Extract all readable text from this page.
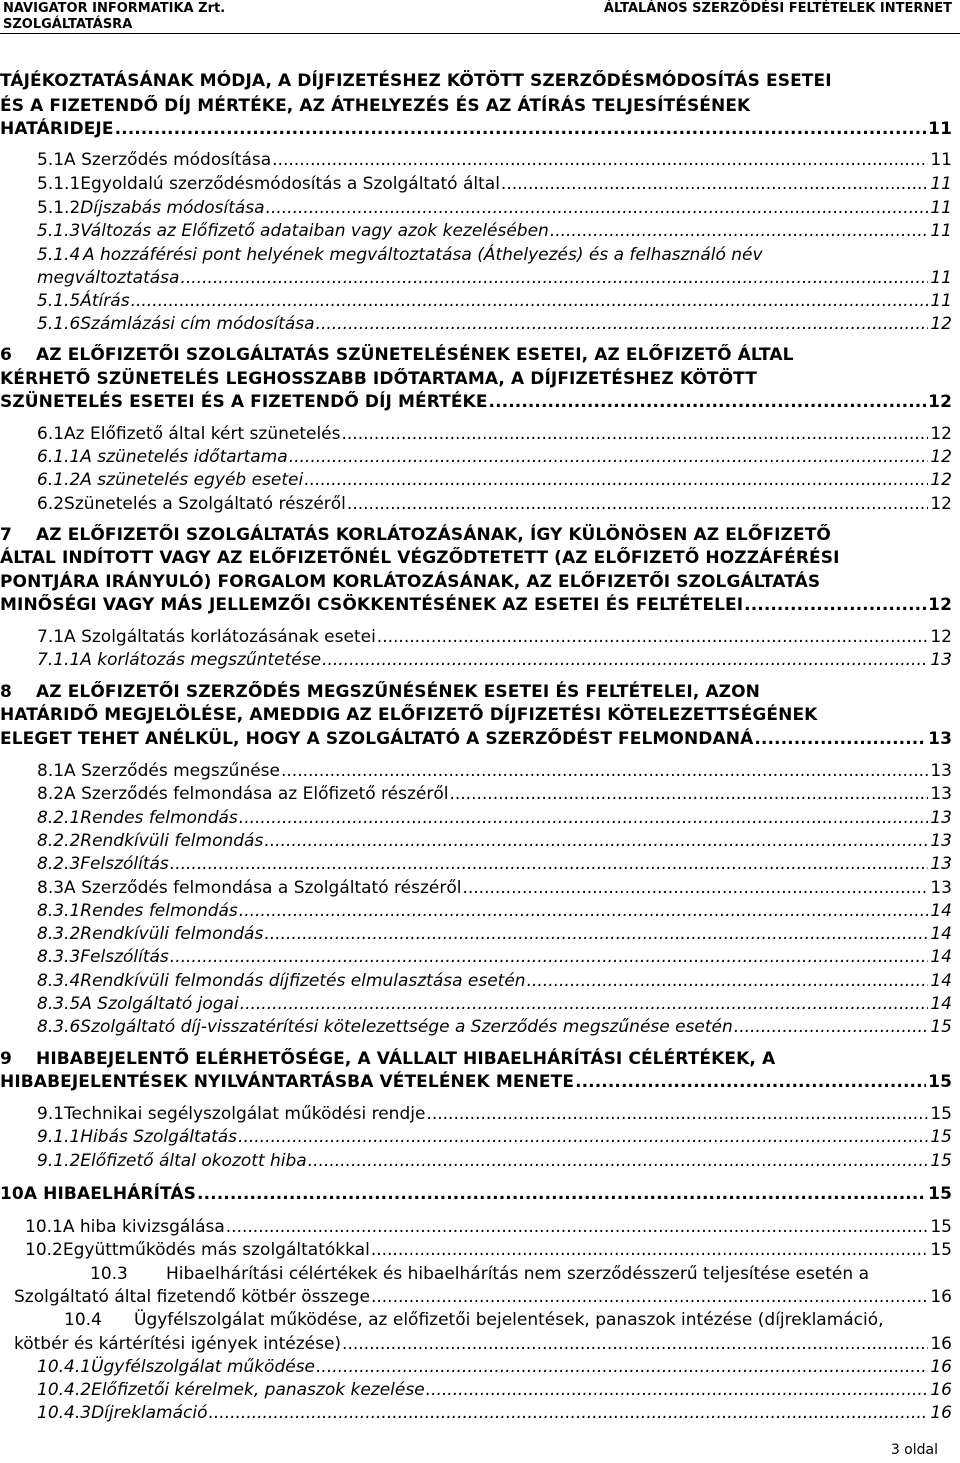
NAVIGATOR INFORMATIKA Zrt.
SZOLGÁLTATÁSRA
ÁLTALÁNOS SZERZŐDÉSI FELTÉTELEK INTERNET
TÁJÉKOZTATÁSÁNAK MÓDJA, A DÍJFIZETÉSHEZ KÖTÖTT SZERZŐDÉSMÓDOSÍTÁS ESETEI
ÉS A FIZETENDŐ DÍJ MÉRTÉKE, AZ ÁTHELYEZÉS ÉS AZ ÁTÍRÁS TELJESÍTÉSÉNEK
HATÁRIDEJE .....	11
5.1 A Szerződés módosítása .....	11
5.1.1 Egyoldalú szerződésmódosítás a Szolgáltató által .....	11
5.1.2 Díjszabás módosítása .....	11
5.1.3 Változás az Előfizető adataiban vagy azok kezelésében .....	11
5.1.4 A hozzáférési pont helyének megváltoztatása (Áthelyezés) és a felhasználó név
megváltoztatása .....	11
5.1.5 Átírás .....	11
5.1.6 Számlázási cím módosítása .....	12
6 AZ ELŐFIZETŐI SZOLGÁLTATÁS SZÜNETELÉSÉNEK ESETEI, AZ ELŐFIZETŐ ÁLTAL
KÉRHETŐ SZÜNETELÉS LEGHOSSZABB IDŐTARTAMA, A DÍJFIZETÉSHEZ KÖTÖTT
SZÜNETELÉS ESETEI ÉS A FIZETENDŐ DÍJ MÉRTÉKE .....	12
6.1 Az Előfizető által kért szünetelés .....	12
6.1.1 A szünetelés időtartama .....	12
6.1.2 A szünetelés egyéb esetei .....	12
6.2 Szünetelés a Szolgáltató részéről .....	12
7 AZ ELŐFIZETŐI SZOLGÁLTATÁS KORLÁTOZÁSÁNAK, ÍGY KÜLÖNÖSEN AZ ELŐFIZETŐ
ÁLTAL INDÍTOTT VAGY AZ ELŐFIZETŐNÉL VÉGZŐDTETETT (AZ ELŐFIZETŐ HOZZÁFÉRÉSI
PONTJÁRA IRÁNYULÓ) FORGALOM KORLÁTOZÁSÁNAK, AZ ELŐFIZETŐI SZOLGÁLTATÁS
MINŐSÉGI VAGY MÁS JELLEMZŐI CSÖKKENTÉSÉNEK AZ ESETEI ÉS FELTÉTELEI .....	12
7.1 A Szolgáltatás korlátozásának esetei .....	12
7.1.1 A korlátozás megszűntetése .....	13
8 AZ ELŐFIZETŐI SZERZŐDÉS MEGSZŰNÉSÉNEK ESETEI ÉS FELTÉTELEI, AZON
HATÁRIDŐ MEGJELÖLÉSE, AMEDDIG AZ ELŐFIZETŐ DÍJFIZETÉSI KÖTELEZETTSÉGÉNEK
ELEGET TEHET ANÉLKÜL, HOGY A SZOLGÁLTATÓ A SZERZŐDÉST FELMONDANÁ .....	13
8.1 A Szerződés megszűnése .....	13
8.2 A Szerződés felmondása az Előfizető részéről .....	13
8.2.1 Rendes felmondás .....	13
8.2.2 Rendkívüli felmondás .....	13
8.2.3 Felszólítás .....	13
8.3 A Szerződés felmondása a Szolgáltató részéről .....	13
8.3.1 Rendes felmondás .....	14
8.3.2 Rendkívüli felmondás .....	14
8.3.3 Felszólítás .....	14
8.3.4 Rendkívüli felmondás díjfizetés elmulasztása esetén .....	14
8.3.5 A Szolgáltató jogai .....	14
8.3.6 Szolgáltató díj-visszatérítési kötelezettsége a Szerződés megszűnése esetén .....	15
9 HIBABEJELENTŐ ELÉRHETŐSÉGE, A VÁLLALT HIBAELHÁRÍTÁSI CÉLÉRTÉKEK, A
HIBABEJELENTÉSEK NYILVÁNTARTÁSBA VÉTELÉNEK MENETE .....	15
9.1 Technikai segélyszolgálat működési rendje .....	15
9.1.1 Hibás Szolgáltatás .....	15
9.1.2 Előfizető által okozott hiba .....	15
10 A HIBAELHÁRÍTÁS .....	15
10.1 A hiba kivizsgálása .....	15
10.2 Együttműködés más szolgáltatókkal .....	15
10.3 Hibaelhárítási célértékek és hibaelhárítás nem szerződésszerű teljesítése esetén a
Szolgáltató által fizetendő kötbér összege .....	16
10.4 Ügyfélszolgálat működése, az előfizetői bejelentések, panaszok intézése (díjreklamáció,
kötbér és kártérítési igények intézése) .....	16
10.4.1 Ügyfélszolgálat működése .....	16
10.4.2 Előfizetői kérelmek, panaszok kezelése .....	16
10.4.3 Díjreklamáció .....	16
3 oldal
